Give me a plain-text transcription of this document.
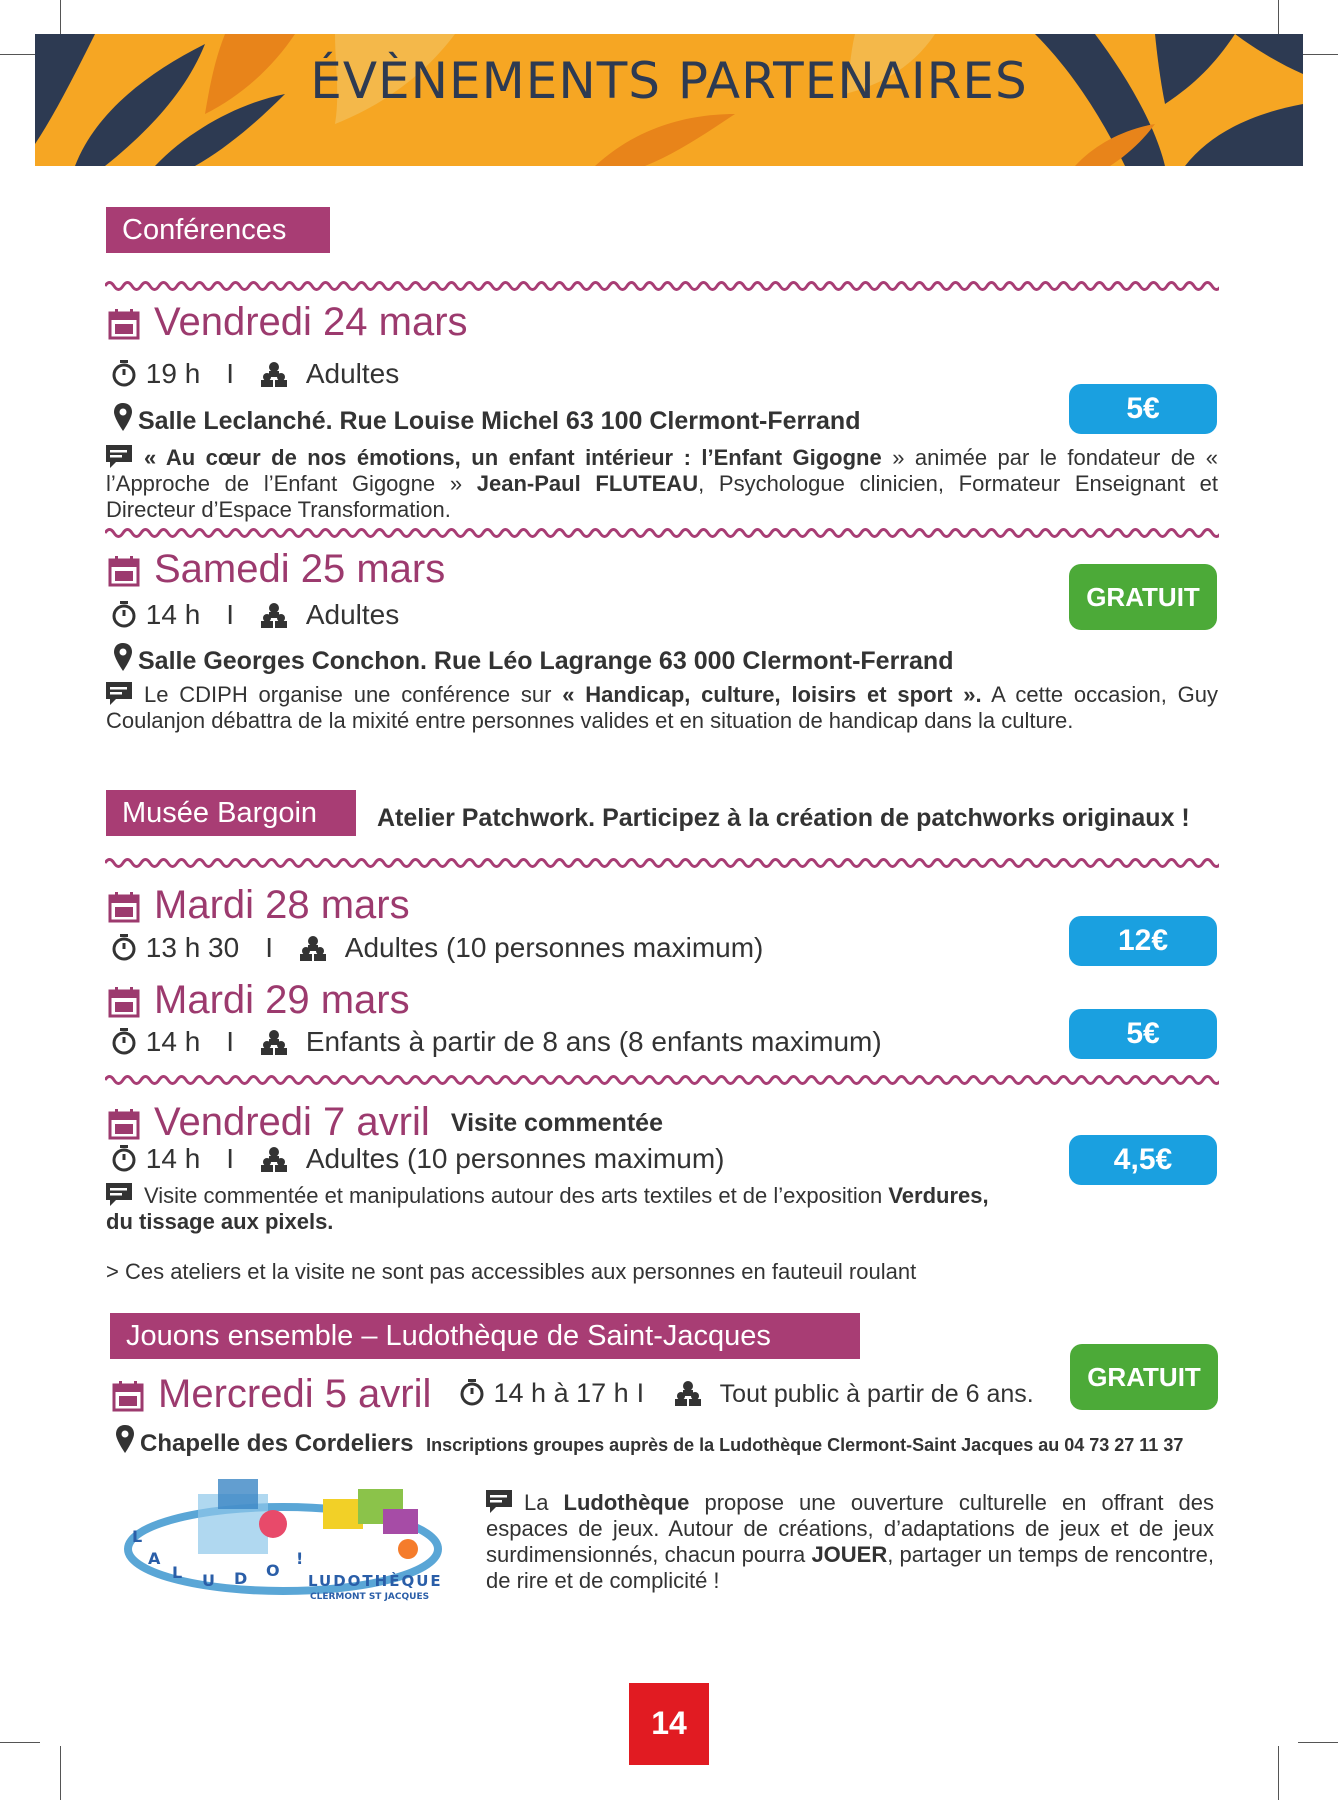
ÉVÈNEMENTS PARTENAIRES
Conférences
Vendredi 24 mars
19 h I	Adultes
Salle Leclanché. Rue Louise Michel 63 100 Clermont-Ferrand	5€
« Au cœur de nos émotions, un enfant intérieur : l’Enfant Gigogne » animée par le fondateur de « l’Approche de l’Enfant Gigogne » Jean-Paul FLUTEAU, Psychologue clinicien, Formateur Enseignant et Directeur d’Espace Transformation.
Samedi 25 mars
14 h I	Adultes
Salle Georges Conchon. Rue Léo Lagrange 63 000 Clermont-Ferrand
GRATUIT
Le CDIPH organise une conférence sur « Handicap, culture, loisirs et sport ». A cette occasion, Guy Coulanjon débattra de la mixité entre personnes valides et en situation de handicap dans la culture.
Musée Bargoin	Atelier Patchwork. Participez à la création de patchworks originaux !
Mardi 28 mars
13 h 30 I	Adultes (10 personnes maximum)	12€
Mardi 29 mars
14 h I	Enfants à partir de 8 ans (8 enfants maximum)	5€
Vendredi 7 avril Visite commentée
14 h I	Adultes (10 personnes maximum)	4,5€
Visite commentée et manipulations autour des arts textiles et de l’exposition Verdures, du tissage aux pixels.
> Ces ateliers et la visite ne sont pas accessibles aux personnes en fauteuil roulant
Jouons ensemble – Ludothèque de Saint-Jacques
Mercredi 5 avril	14 h à 17 h I	Tout public à partir de 6 ans.
GRATUIT
Chapelle des Cordeliers Inscriptions groupes auprès de la Ludothèque Clermont-Saint Jacques au 04 73 27 11 37
L
A
L U D O
!
LUDOTHÈQUE
CLERMONT ST JACQUES
La Ludothèque propose une ouverture culturelle en offrant des espaces de jeux. Autour de créations, d’adaptations de jeux et de jeux surdimensionnés, chacun pourra JOUER, partager un temps de rencontre, de rire et de complicité !
14
